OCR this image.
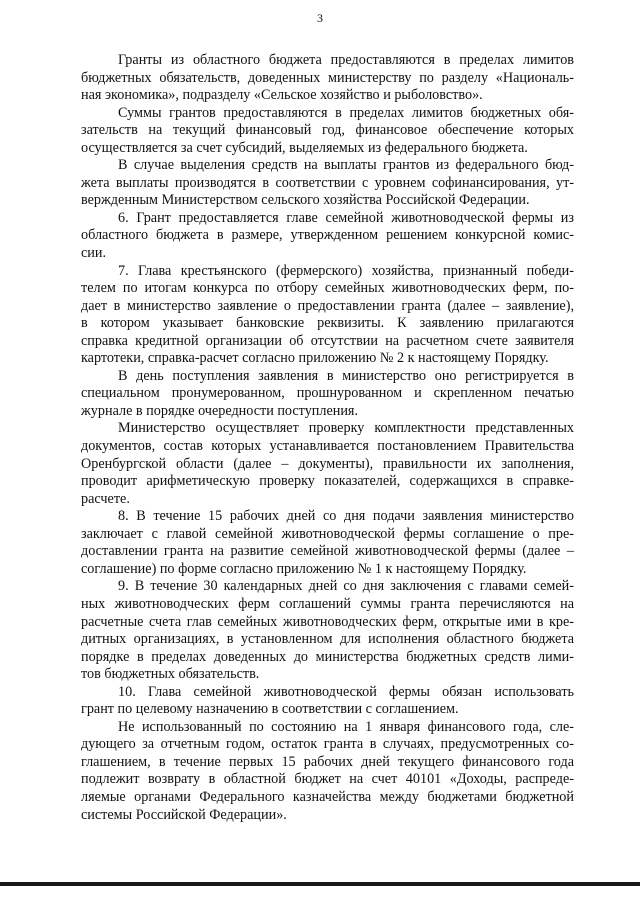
3
Гранты из областного бюджета предоставляются в пределах лимитов
бюджетных обязательств, доведенных министерству по разделу «Националь-
ная экономика», подразделу «Сельское хозяйство и рыболовство».
Суммы грантов предоставляются в пределах лимитов бюджетных обя-
зательств на текущий финансовый год, финансовое обеспечение которых
осуществляется за счет субсидий, выделяемых из федерального бюджета.
В случае выделения средств на выплаты грантов из федерального бюд-
жета выплаты производятся в соответствии с уровнем софинансирования, ут-
вержденным Министерством сельского хозяйства Российской Федерации.
6. Грант предоставляется главе семейной животноводческой фермы из
областного бюджета в размере, утвержденном решением конкурсной комис-
сии.
7. Глава крестьянского (фермерского) хозяйства, признанный победи-
телем по итогам конкурса по отбору семейных животноводческих ферм, по-
дает в министерство заявление о предоставлении гранта (далее – заявление),
в котором указывает банковские реквизиты. К заявлению прилагаются
справка кредитной организации об отсутствии на расчетном счете заявителя
картотеки, справка-расчет согласно приложению № 2 к настоящему Порядку.
В день поступления заявления в министерство оно регистрируется в
специальном пронумерованном, прошнурованном и скрепленном печатью
журнале в порядке очередности поступления.
Министерство осуществляет проверку комплектности представленных
документов, состав которых устанавливается постановлением Правительства
Оренбургской области (далее – документы), правильности их заполнения,
проводит арифметическую проверку показателей, содержащихся в справке-
расчете.
8. В течение 15 рабочих дней со дня подачи заявления министерство
заключает с главой семейной животноводческой фермы соглашение о пре-
доставлении гранта на развитие семейной животноводческой фермы (далее –
соглашение) по форме согласно приложению № 1 к настоящему Порядку.
9. В течение 30 календарных дней со дня заключения с главами семей-
ных животноводческих ферм соглашений суммы гранта перечисляются на
расчетные счета глав семейных животноводческих ферм, открытые ими в кре-
дитных организациях, в установленном для исполнения областного бюджета
порядке в пределах доведенных до министерства бюджетных средств лими-
тов бюджетных обязательств.
10. Глава семейной животноводческой фермы обязан использовать
грант по целевому назначению в соответствии с соглашением.
Не использованный по состоянию на 1 января финансового года, сле-
дующего за отчетным годом, остаток гранта в случаях, предусмотренных со-
глашением, в течение первых 15 рабочих дней текущего финансового года
подлежит возврату в областной бюджет на счет 40101 «Доходы, распреде-
ляемые органами Федерального казначейства между бюджетами бюджетной
системы Российской Федерации».
